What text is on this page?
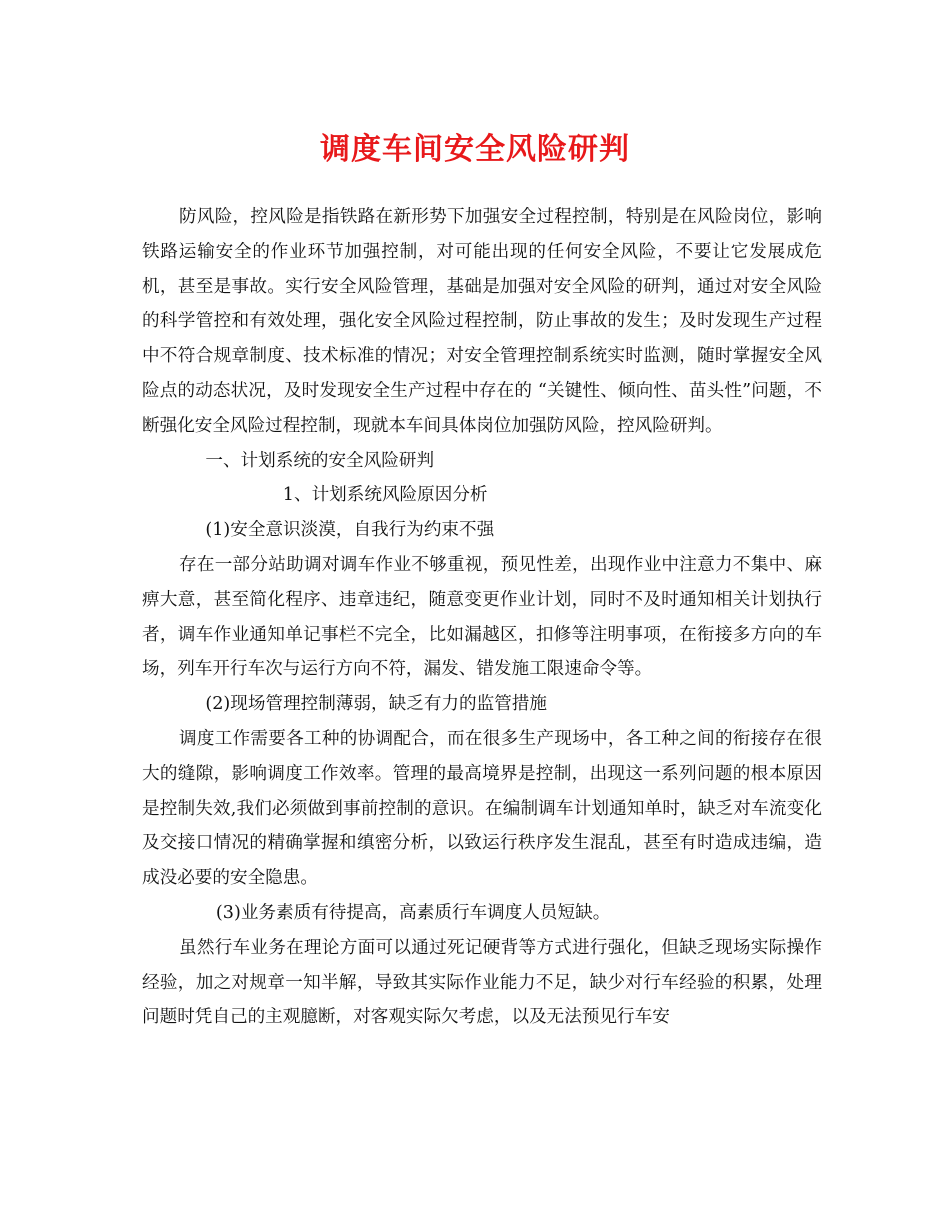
调度车间安全风险研判

防风险，控风险是指铁路在新形势下加强安全过程控制，特别是在风险岗位，影响铁路运输安全的作业环节加强控制，对可能出现的任何安全风险，不要让它发展成危机，甚至是事故。实行安全风险管理，基础是加强对安全风险的研判，通过对安全风险的科学管控和有效处理，强化安全风险过程控制，防止事故的发生；及时发现生产过程中不符合规章制度、技术标准的情况；对安全管理控制系统实时监测，随时掌握安全风险点的动态状况，及时发现安全生产过程中存在的 “关键性、倾向性、苗头性”问题，不断强化安全风险过程控制，现就本车间具体岗位加强防风险，控风险研判。

一、计划系统的安全风险研判

1、计划系统风险原因分析

(1)安全意识淡漠，自我行为约束不强

存在一部分站助调对调车作业不够重视，预见性差，出现作业中注意力不集中、麻痹大意，甚至简化程序、违章违纪，随意变更作业计划，同时不及时通知相关计划执行者，调车作业通知单记事栏不完全，比如漏越区，扣修等注明事项，在衔接多方向的车场，列车开行车次与运行方向不符，漏发、错发施工限速命令等。

(2)现场管理控制薄弱，缺乏有力的监管措施

调度工作需要各工种的协调配合，而在很多生产现场中，各工种之间的衔接存在很大的缝隙，影响调度工作效率。管理的最高境界是控制，出现这一系列问题的根本原因是控制失效,我们必须做到事前控制的意识。在编制调车计划通知单时，缺乏对车流变化及交接口情况的精确掌握和缜密分析，以致运行秩序发生混乱，甚至有时造成违编，造成没必要的安全隐患。

(3)业务素质有待提高，高素质行车调度人员短缺。

虽然行车业务在理论方面可以通过死记硬背等方式进行强化，但缺乏现场实际操作经验，加之对规章一知半解，导致其实际作业能力不足，缺少对行车经验的积累，处理问题时凭自己的主观臆断，对客观实际欠考虑，以及无法预见行车安
